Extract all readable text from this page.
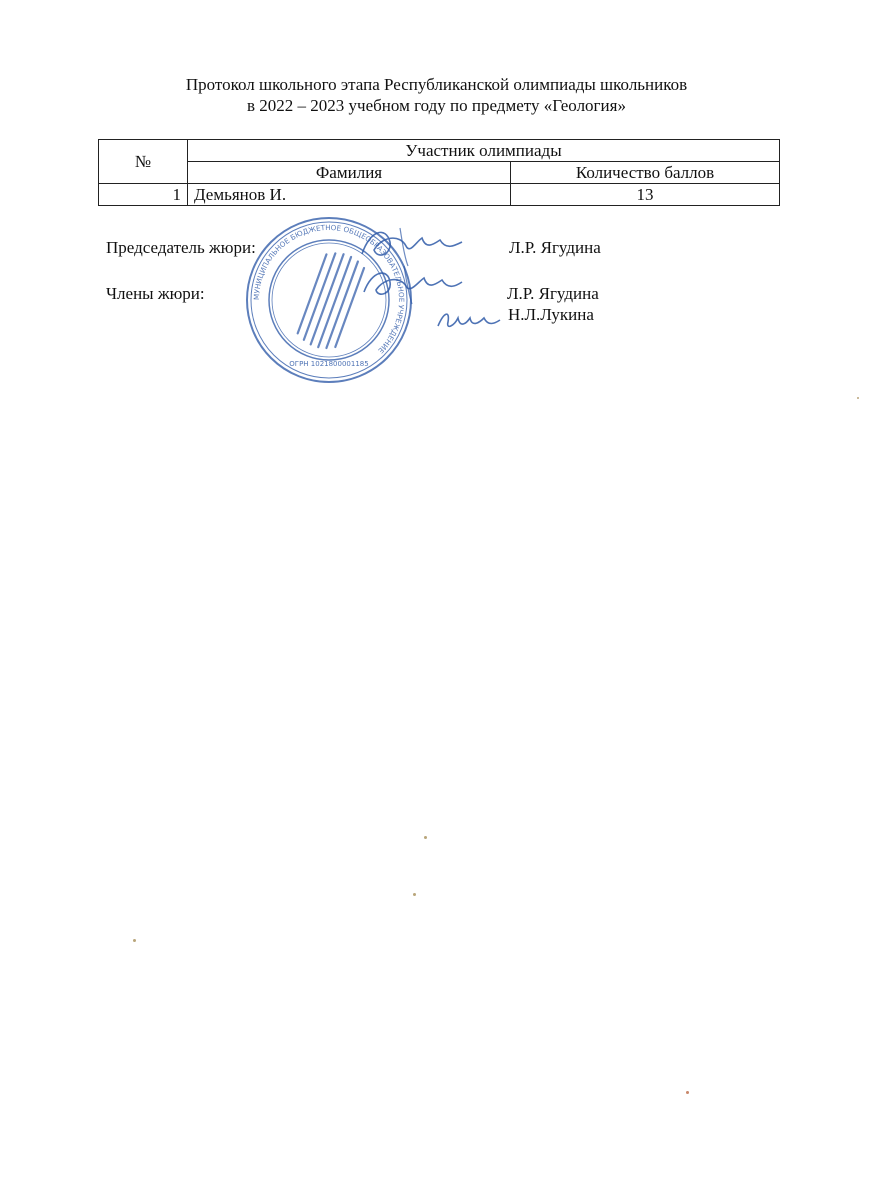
Протокол школьного этапа Республиканской олимпиады школьников
в 2022 – 2023 учебном году по предмету «Геология»
№	Участник олимпиады	
	Фамилия	Количество баллов
1	Демьянов И.	13
Председатель жюри:	Л.Р. Ягудина
Члены жюри:	Л.Р. Ягудина
Н.Л.Лукина
МУНИЦИПАЛЬНОЕ БЮДЖЕТНОЕ ОБЩЕОБРАЗОВАТЕЛЬНОЕ УЧРЕЖДЕНИЕ
ОГРН 1021800001185
